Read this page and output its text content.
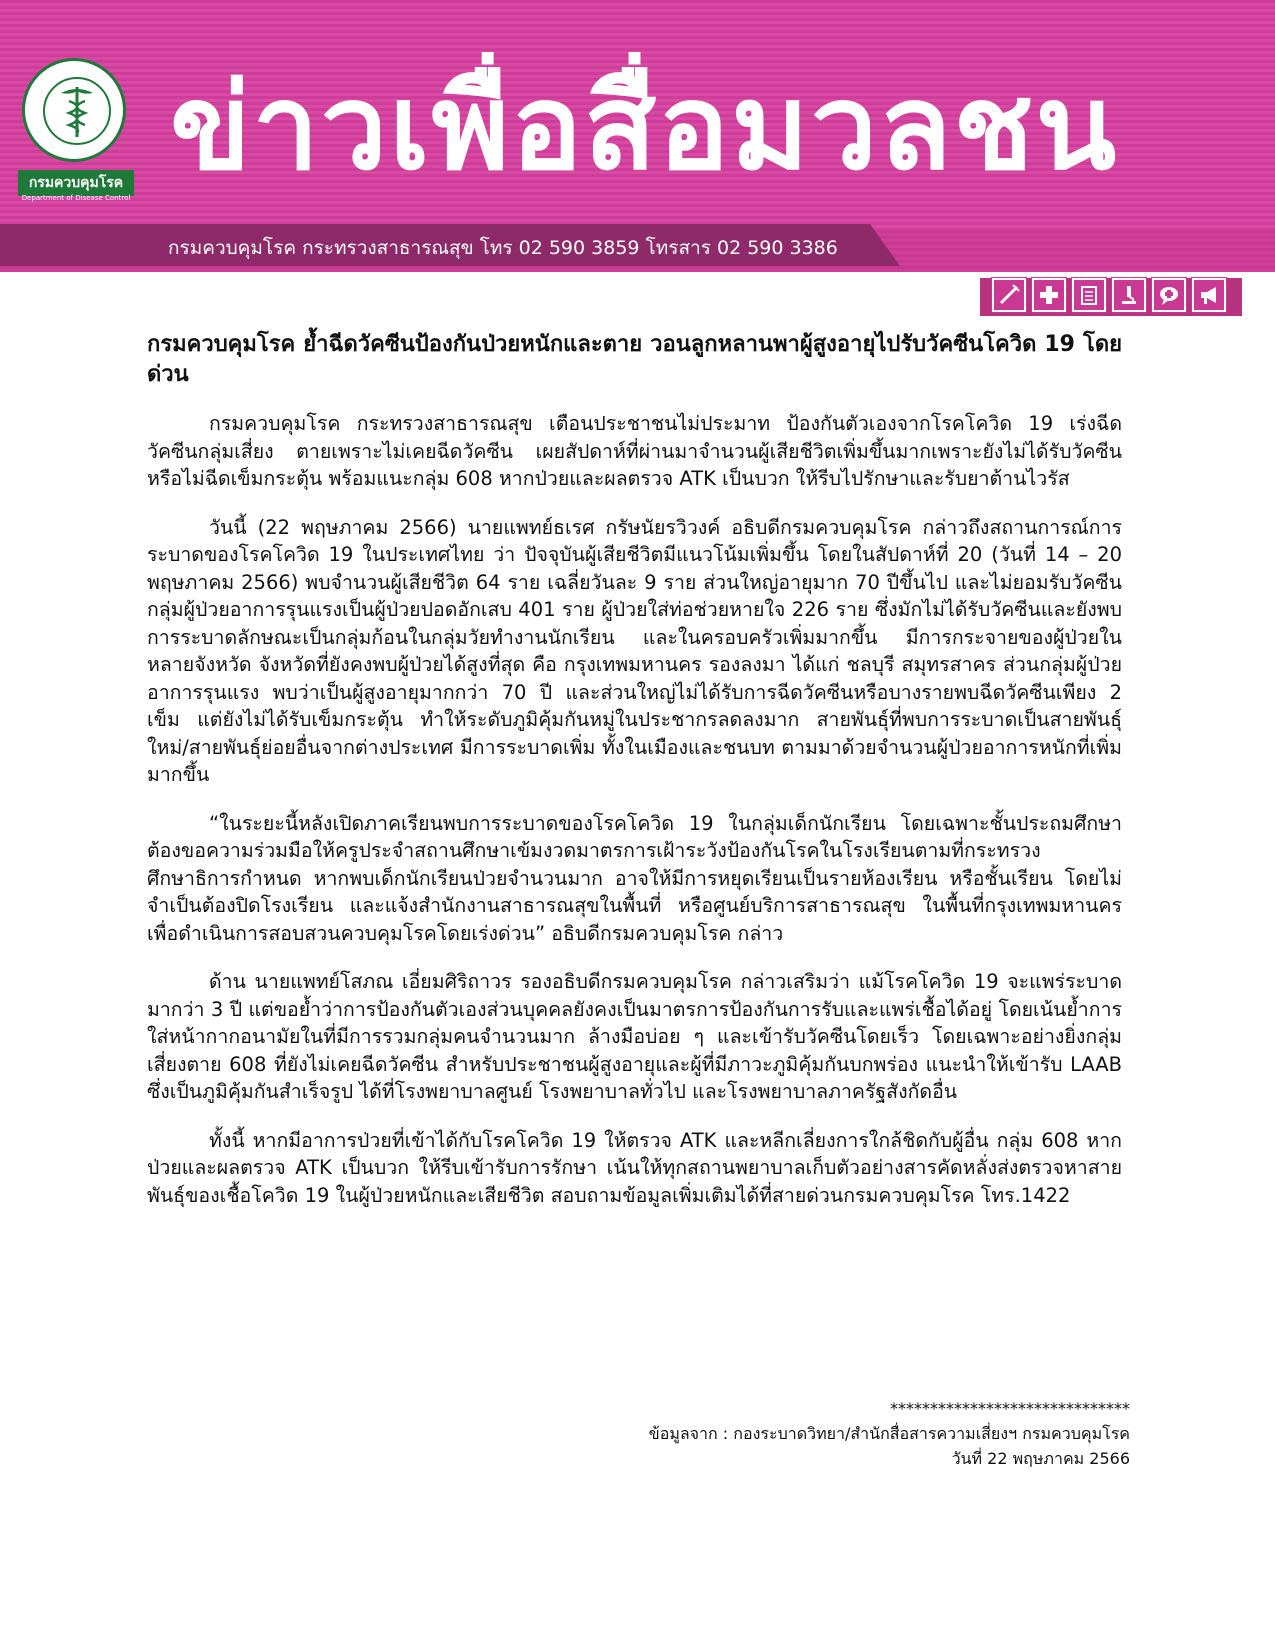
กรมควบคุมโรค
Department of Disease Control
ข่าวเพื่อสื่อมวลชน
กรมควบคุมโรค กระทรวงสาธารณสุข โทร 02 590 3859 โทรสาร 02 590 3386
กรมควบคุมโรค ย้ำฉีดวัคซีนป้องกันป่วยหนักและตาย วอนลูกหลานพาผู้สูงอายุไปรับวัคซีนโควิด 19 โดยด่วน

กรมควบคุมโรค กระทรวงสาธารณสุข เตือนประชาชนไม่ประมาท ป้องกันตัวเองจากโรคโควิด 19 เร่งฉีดวัคซีนกลุ่มเสี่ยง ตายเพราะไม่เคยฉีดวัคซีน เผยสัปดาห์ที่ผ่านมาจำนวนผู้เสียชีวิตเพิ่มขึ้นมากเพราะยังไม่ได้รับวัคซีนหรือไม่ฉีดเข็มกระตุ้น พร้อมแนะกลุ่ม 608 หากป่วยและผลตรวจ ATK เป็นบวก ให้รีบไปรักษาและรับยาต้านไวรัส

วันนี้ (22 พฤษภาคม 2566) นายแพทย์ธเรศ กรัษนัยรวิวงค์ อธิบดีกรมควบคุมโรค กล่าวถึงสถานการณ์การระบาดของโรคโควิด 19 ในประเทศไทย ว่า ปัจจุบันผู้เสียชีวิตมีแนวโน้มเพิ่มขึ้น โดยในสัปดาห์ที่ 20 (วันที่ 14 – 20 พฤษภาคม 2566) พบจำนวนผู้เสียชีวิต 64 ราย เฉลี่ยวันละ 9 ราย ส่วนใหญ่อายุมาก 70 ปีขึ้นไป และไม่ยอมรับวัคซีน กลุ่มผู้ป่วยอาการรุนแรงเป็นผู้ป่วยปอดอักเสบ 401 ราย ผู้ป่วยใส่ท่อช่วยหายใจ 226 ราย ซึ่งมักไม่ได้รับวัคซีนและยังพบการระบาดลักษณะเป็นกลุ่มก้อนในกลุ่มวัยทำงานนักเรียน และในครอบครัวเพิ่มมากขึ้น มีการกระจายของผู้ป่วยในหลายจังหวัด จังหวัดที่ยังคงพบผู้ป่วยได้สูงที่สุด คือ กรุงเทพมหานคร รองลงมา ได้แก่ ชลบุรี สมุทรสาคร ส่วนกลุ่มผู้ป่วยอาการรุนแรง พบว่าเป็นผู้สูงอายุมากกว่า 70 ปี และส่วนใหญ่ไม่ได้รับการฉีดวัคซีนหรือบางรายพบฉีดวัคซีนเพียง 2 เข็ม แต่ยังไม่ได้รับเข็มกระตุ้น ทำให้ระดับภูมิคุ้มกันหมู่ในประชากรลดลงมาก สายพันธุ์ที่พบการระบาดเป็นสายพันธุ์ใหม่/สายพันธุ์ย่อยอื่นจากต่างประเทศ มีการระบาดเพิ่ม ทั้งในเมืองและชนบท ตามมาด้วยจำนวนผู้ป่วยอาการหนักที่เพิ่มมากขึ้น

“ในระยะนี้หลังเปิดภาคเรียนพบการระบาดของโรคโควิด 19 ในกลุ่มเด็กนักเรียน โดยเฉพาะชั้นประถมศึกษา ต้องขอความร่วมมือให้ครูประจำสถานศึกษาเข้มงวดมาตรการเฝ้าระวังป้องกันโรคในโรงเรียนตามที่กระทรวงศึกษาธิการกำหนด หากพบเด็กนักเรียนป่วยจำนวนมาก อาจให้มีการหยุดเรียนเป็นรายห้องเรียน หรือชั้นเรียน โดยไม่จำเป็นต้องปิดโรงเรียน และแจ้งสำนักงานสาธารณสุขในพื้นที่ หรือศูนย์บริการสาธารณสุข ในพื้นที่กรุงเทพมหานคร เพื่อดำเนินการสอบสวนควบคุมโรคโดยเร่งด่วน” อธิบดีกรมควบคุมโรค กล่าว

ด้าน นายแพทย์โสภณ เอี่ยมศิริถาวร รองอธิบดีกรมควบคุมโรค กล่าวเสริมว่า แม้โรคโควิด 19 จะแพร่ระบาดมากว่า 3 ปี แต่ขอย้ำว่าการป้องกันตัวเองส่วนบุคคลยังคงเป็นมาตรการป้องกันการรับและแพร่เชื้อได้อยู่ โดยเน้นย้ำการใส่หน้ากากอนามัยในที่มีการรวมกลุ่มคนจำนวนมาก ล้างมือบ่อย ๆ และเข้ารับวัคซีนโดยเร็ว โดยเฉพาะอย่างยิ่งกลุ่มเสี่ยงตาย 608 ที่ยังไม่เคยฉีดวัคซีน สำหรับประชาชนผู้สูงอายุและผู้ที่มีภาวะภูมิคุ้มกันบกพร่อง แนะนำให้เข้ารับ LAAB ซึ่งเป็นภูมิคุ้มกันสำเร็จรูป ได้ที่โรงพยาบาลศูนย์ โรงพยาบาลทั่วไป และโรงพยาบาลภาครัฐสังกัดอื่น

ทั้งนี้ หากมีอาการป่วยที่เข้าได้กับโรคโควิด 19 ให้ตรวจ ATK และหลีกเลี่ยงการใกล้ชิดกับผู้อื่น กลุ่ม 608 หากป่วยและผลตรวจ ATK เป็นบวก ให้รีบเข้ารับการรักษา เน้นให้ทุกสถานพยาบาลเก็บตัวอย่างสารคัดหลั่งส่งตรวจหาสายพันธุ์ของเชื้อโควิด 19 ในผู้ป่วยหนักและเสียชีวิต สอบถามข้อมูลเพิ่มเติมได้ที่สายด่วนกรมควบคุมโรค โทร.1422

******************************
ข้อมูลจาก : กองระบาดวิทยา/สำนักสื่อสารความเสี่ยงฯ กรมควบคุมโรค
วันที่ 22 พฤษภาคม 2566
